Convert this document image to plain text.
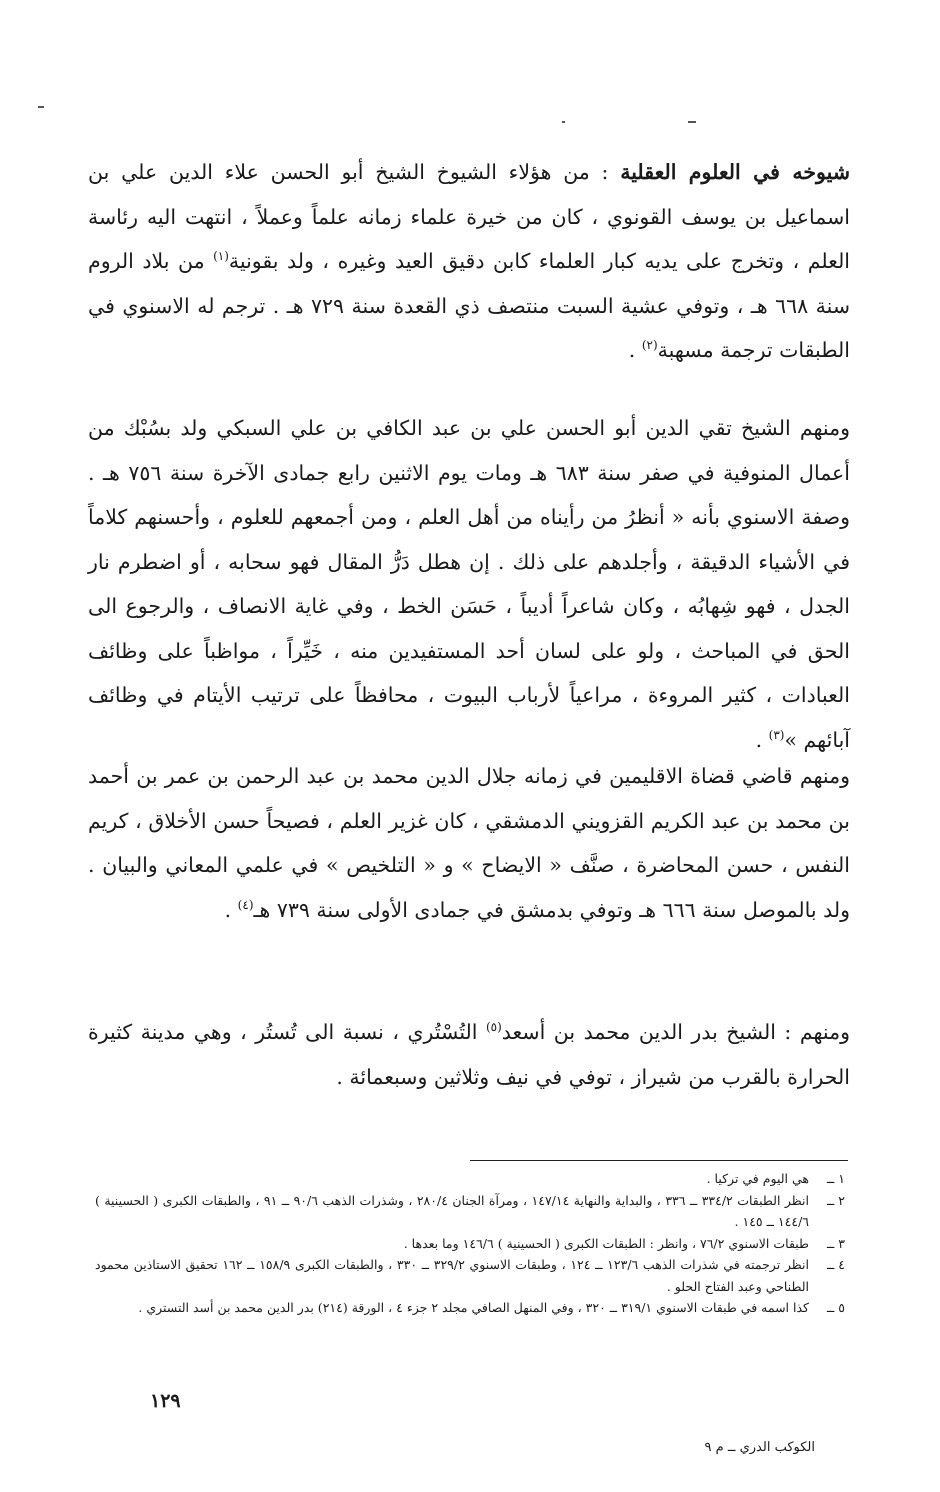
شيوخه في العلوم العقلية : من هؤلاء الشيوخ الشيخ أبو الحسن علاء الدين علي بن اسماعيل بن يوسف القونوي ، كان من خيرة علماء زمانه علماً وعملاً ، انتهت اليه رئاسة العلم ، وتخرج على يديه كبار العلماء كابن دقيق العيد وغيره ، ولد بقونية$^{(١)}$ من بلاد الروم سنة ٦٦٨ هـ ، وتوفي عشية السبت منتصف ذي القعدة سنة ٧٢٩ هـ . ترجم له الاسنوي في الطبقات ترجمة مسهبة$^{(٢)}$ .

ومنهم الشيخ تقي الدين أبو الحسن علي بن عبد الكافي بن علي السبكي ولد بسُبْك من أعمال المنوفية في صفر سنة ٦٨٣ هـ ومات يوم الاثنين رابع جمادى الآخرة سنة ٧٥٦ هـ . وصفة الاسنوي بأنه « أنظرُ من رأيناه من أهل العلم ، ومن أجمعهم للعلوم ، وأحسنهم كلاماً في الأشياء الدقيقة ، وأجلدهم على ذلك . إن هطل دَرُّ المقال فهو سحابه ، أو اضطرم نار الجدل ، فهو شِهابُه ، وكان شاعراً أديباً ، حَسَن الخط ، وفي غاية الانصاف ، والرجوع الى الحق في المباحث ، ولو على لسان أحد المستفيدين منه ، خَيِّراً ، مواظباً على وظائف العبادات ، كثير المروءة ، مراعياً لأرباب البيوت ، محافظاً على ترتيب الأيتام في وظائف آبائهم »$^{(٣)}$ .

ومنهم قاضي قضاة الاقليمين في زمانه جلال الدين محمد بن عبد الرحمن بن عمر بن أحمد بن محمد بن عبد الكريم القزويني الدمشقي ، كان غزير العلم ، فصيحاً حسن الأخلاق ، كريم النفس ، حسن المحاضرة ، صنَّف « الايضاح » و « التلخيص » في علمي المعاني والبيان . ولد بالموصل سنة ٦٦٦ هـ وتوفي بدمشق في جمادى الأولى سنة ٧٣٩ هـ$^{(٤)}$ .

ومنهم : الشيخ بدر الدين محمد بن أسعد$^{(٥)}$ التُسْتُري ، نسبة الى تُستُر ، وهي مدينة كثيرة الحرارة بالقرب من شيراز ، توفي في نيف وثلاثين وسبعمائة .

١ ــ
هي اليوم في تركيا .
٢ ــ
انظر الطبقات ٣٣٤/٢ ــ ٣٣٦ ، والبداية والنهاية ١٤٧/١٤ ، ومرآة الجنان ٢٨٠/٤ ، وشذرات الذهب ٩٠/٦ ــ ٩١ ، والطبقات الكبرى ( الحسينية ) ١٤٤/٦ ــ ١٤٥ .
٣ ــ
طبقات الاسنوي ٧٦/٢ ، وانظر : الطبقات الكبرى ( الحسينية ) ١٤٦/٦ وما بعدها .
٤ ــ
انظر ترجمته في شذرات الذهب ١٢٣/٦ ــ ١٢٤ ، وطبقات الاسنوي ٣٢٩/٢ ــ ٣٣٠ ، والطبقات الكبرى ١٥٨/٩ ــ ١٦٢ تحقيق الاستاذين محمود الطناحي وعبد الفتاح الحلو .
٥ ــ
كذا اسمه في طبقات الاسنوي ٣١٩/١ ــ ٣٢٠ ، وفي المنهل الصافي مجلد ٢ جزء ٤ ، الورقة (٢١٤) بدر الدين محمد بن أسد التستري .
١٢٩
الكوكب الدري ــ م ٩
